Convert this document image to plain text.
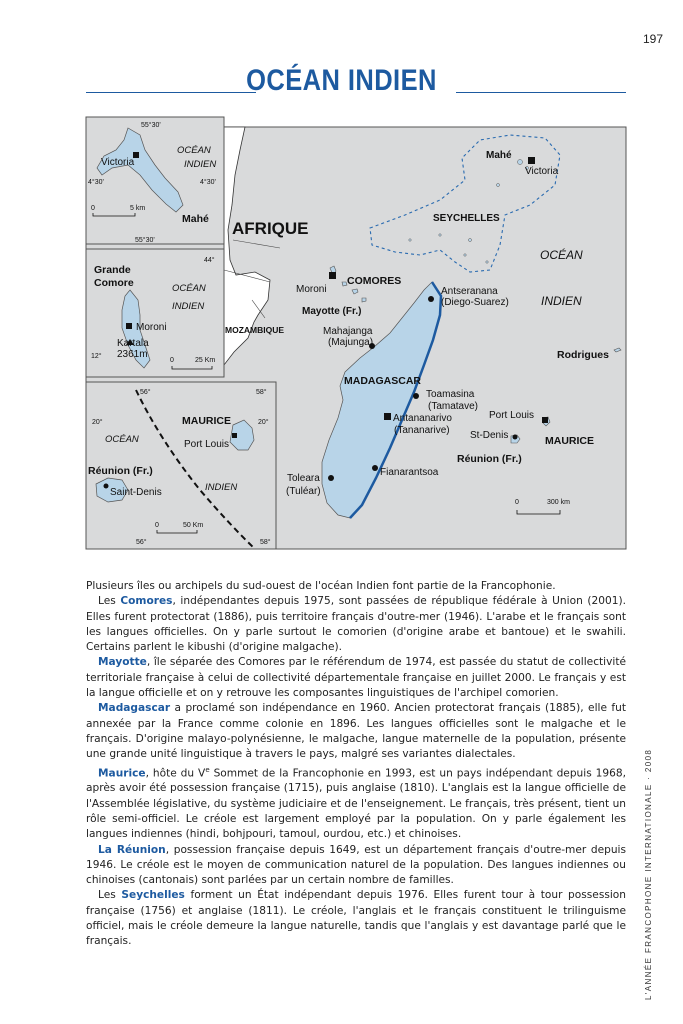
197
OCÉAN INDIEN
AFRIQUE
MOZAMBIQUE
COMORES
Moroni
Mayotte (Fr.)
Mahajanga
(Majunga)
Antseranana
(Diego-Suarez)
MADAGASCAR
Toamasina
(Tamatave)
Antananarivo
(Tananarive)
Fianarantsoa
Toleara
(Tuléar)
Mahé
Victoria
SEYCHELLES
OCÉAN
INDIEN
Rodrigues
Port Louis
St-Denis	MAURICE
Réunion (Fr.)
0	300 km
55°30'
55°30'
4°30'	4°30'
Victoria
OCÉAN
INDIEN
Mahé
0	5 km
44°
12°
Grande
Comore	OCÉAN
INDIEN
Moroni
Kartala
2361m
0	25 Km
56°	58°
20°	20°
56°	58°
MAURICE
Port Louis
OCÉAN
INDIEN
Réunion (Fr.)
Saint-Denis
0	50 Km

Plusieurs îles ou archipels du sud-ouest de l'océan Indien font partie de la Francophonie.

Les Comores, indépendantes depuis 1975, sont passées de république fédérale à Union (2001). Elles furent protectorat (1886), puis territoire français d'outre-mer (1946). L'arabe et le français sont les langues officielles. On y parle surtout le comorien (d'origine arabe et bantoue) et le swahili. Certains parlent le kibushi (d'origine malgache).

Mayotte, île séparée des Comores par le référendum de 1974, est passée du statut de collectivité territoriale française à celui de collectivité départementale française en juillet 2000. Le français y est la langue officielle et on y retrouve les composantes linguistiques de l'archipel comorien.

Madagascar a proclamé son indépendance en 1960. Ancien protectorat français (1885), elle fut annexée par la France comme colonie en 1896. Les langues officielles sont le malgache et le français. D'origine malayo-polynésienne, le malgache, langue maternelle de la population, présente une grande unité linguistique à travers le pays, malgré ses variantes dialectales.

Maurice, hôte du Ve Sommet de la Francophonie en 1993, est un pays indépendant depuis 1968, après avoir été possession française (1715), puis anglaise (1810). L'anglais est la langue officielle de l'Assemblée législative, du système judiciaire et de l'enseignement. Le français, très présent, tient un rôle semi-officiel. Le créole est largement employé par la population. On y parle également les langues indiennes (hindi, bohjpouri, tamoul, ourdou, etc.) et chinoises.

La Réunion, possession française depuis 1649, est un département français d'outre-mer depuis 1946. Le créole est le moyen de communication naturel de la population. Des langues indiennes ou chinoises (cantonais) sont parlées par un certain nombre de familles.

Les Seychelles forment un État indépendant depuis 1976. Elles furent tour à tour possession française (1756) et anglaise (1811). Le créole, l'anglais et le français constituent le trilinguisme officiel, mais le créole demeure la langue naturelle, tandis que l'anglais y est davantage parlé que le français.	L'ANNÉE FRANCOPHONE INTERNATIONALE · 2008
